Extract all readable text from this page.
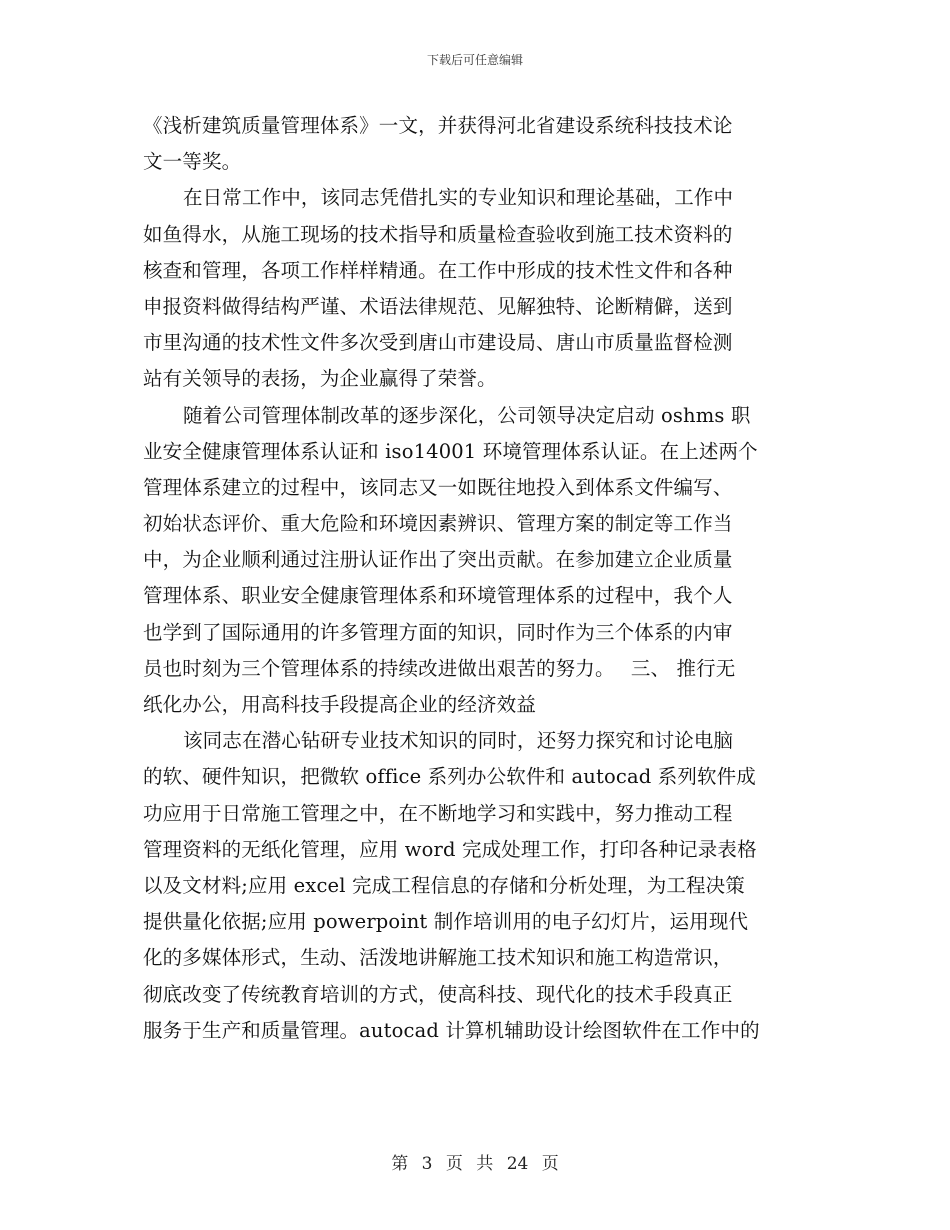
下载后可任意编辑
《浅析建筑质量管理体系》一文，并获得河北省建设系统科技技术论
文一等奖。
在日常工作中，该同志凭借扎实的专业知识和理论基础，工作中
如鱼得水，从施工现场的技术指导和质量检查验收到施工技术资料的
核查和管理，各项工作样样精通。在工作中形成的技术性文件和各种
申报资料做得结构严谨、术语法律规范、见解独特、论断精僻，送到
市里沟通的技术性文件多次受到唐山市建设局、唐山市质量监督检测
站有关领导的表扬，为企业赢得了荣誉。
随着公司管理体制改革的逐步深化，公司领导决定启动 oshms 职
业安全健康管理体系认证和 iso14001 环境管理体系认证。在上述两个
管理体系建立的过程中，该同志又一如既往地投入到体系文件编写、
初始状态评价、重大危险和环境因素辨识、管理方案的制定等工作当
中，为企业顺利通过注册认证作出了突出贡献。在参加建立企业质量
管理体系、职业安全健康管理体系和环境管理体系的过程中，我个人
也学到了国际通用的许多管理方面的知识，同时作为三个体系的内审
员也时刻为三个管理体系的持续改进做出艰苦的努力。　 三、 推行无
纸化办公，用高科技手段提高企业的经济效益
该同志在潜心钻研专业技术知识的同时，还努力探究和讨论电脑
的软、硬件知识，把微软 office 系列办公软件和 autocad 系列软件成
功应用于日常施工管理之中，在不断地学习和实践中，努力推动工程
管理资料的无纸化管理，应用 word 完成处理工作，打印各种记录表格
以及文材料;应用 excel 完成工程信息的存储和分析处理，为工程决策
提供量化依据;应用 powerpoint 制作培训用的电子幻灯片，运用现代
化的多媒体形式，生动、活泼地讲解施工技术知识和施工构造常识，
彻底改变了传统教育培训的方式，使高科技、现代化的技术手段真正
服务于生产和质量管理。autocad 计算机辅助设计绘图软件在工作中的
第 3 页 共 24 页
